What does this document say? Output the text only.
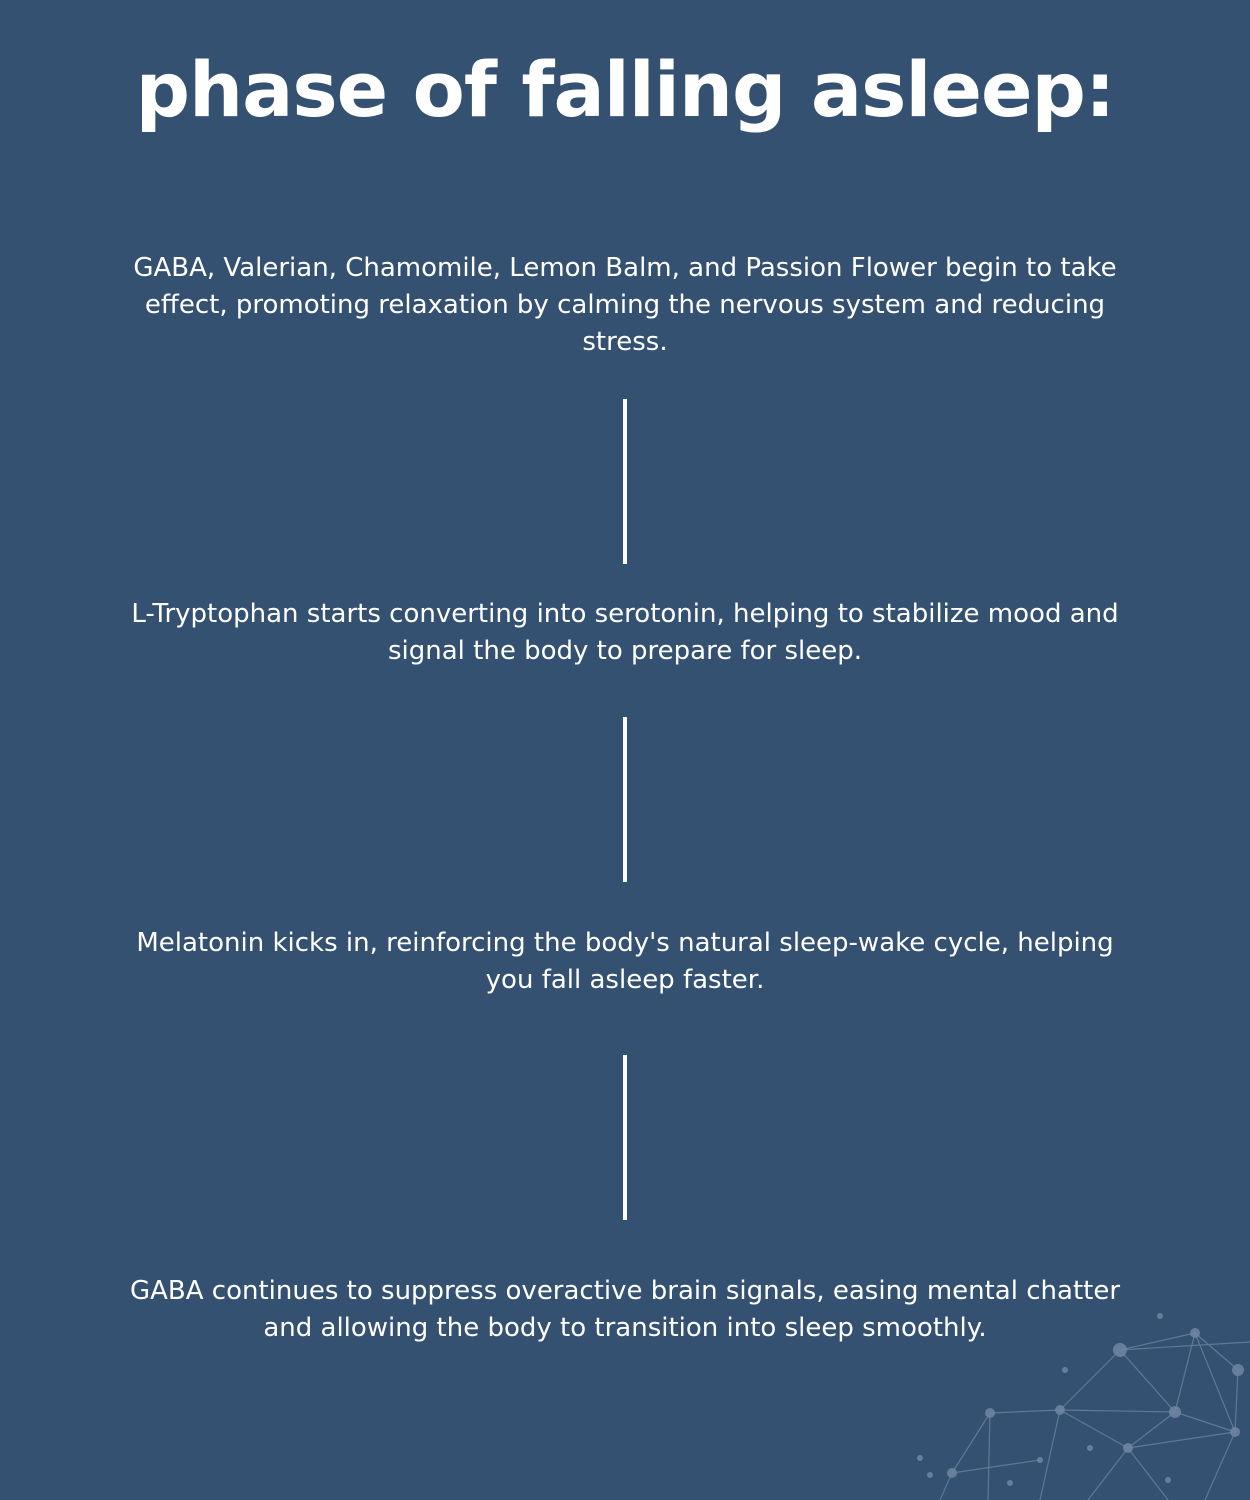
phase of falling asleep:

GABA, Valerian, Chamomile, Lemon Balm, and Passion Flower begin to take effect, promoting relaxation by calming the nervous system and reducing stress.

L-Tryptophan starts converting into serotonin, helping to stabilize mood and signal the body to prepare for sleep.

Melatonin kicks in, reinforcing the body's natural sleep-wake cycle, helping you fall asleep faster.

GABA continues to suppress overactive brain signals, easing mental chatter and allowing the body to transition into sleep smoothly.
